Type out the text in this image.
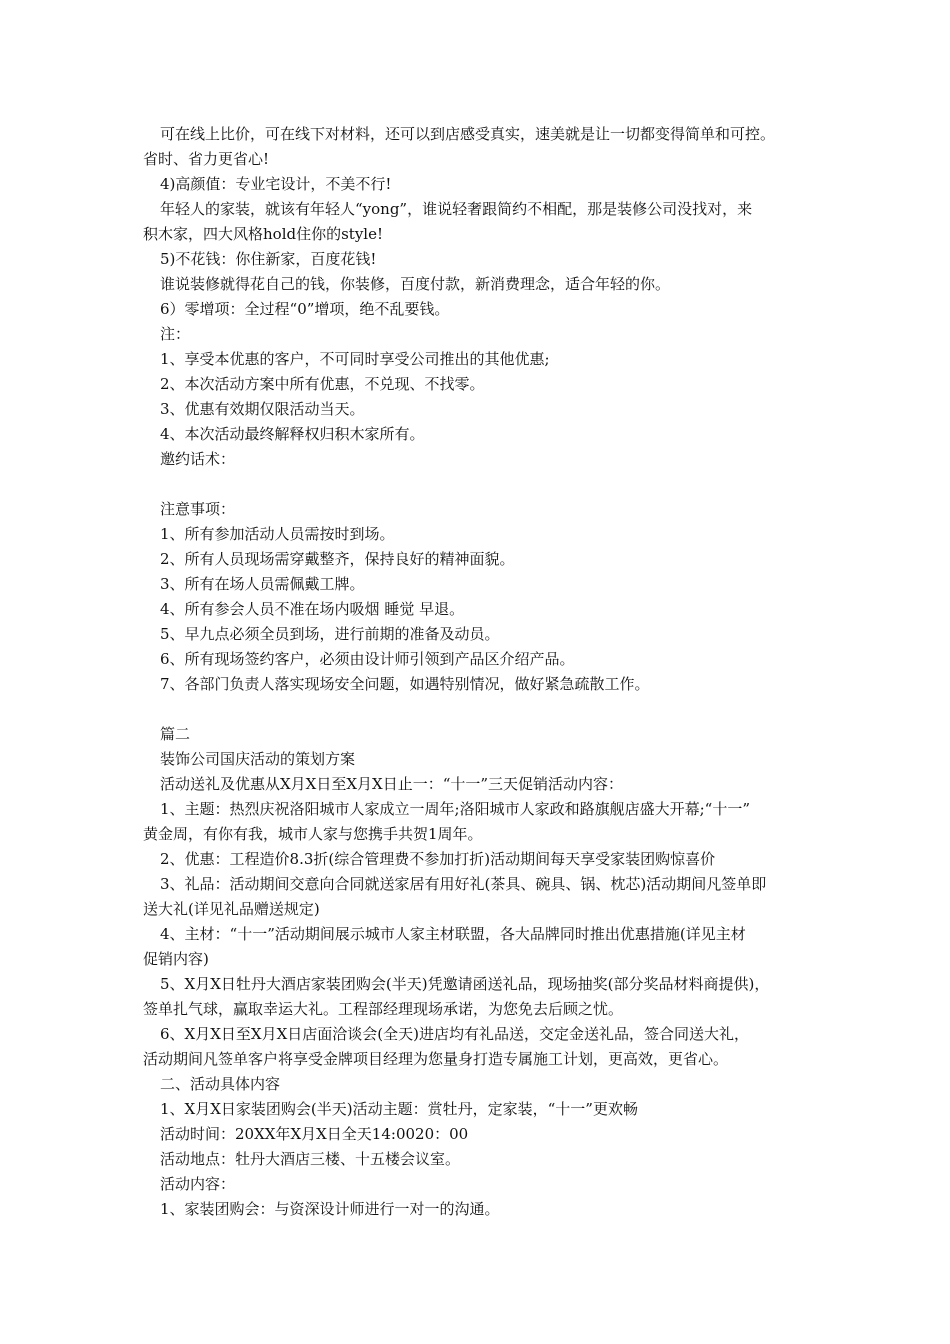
可在线上比价，可在线下对材料，还可以到店感受真实，速美就是让一切都变得简单和可控。
省时、省力更省心!
4)高颜值：专业宅设计，不美不行!
年轻人的家装，就该有年轻人“yong”，谁说轻奢跟简约不相配，那是装修公司没找对，来
积木家，四大风格hold住你的style!
5)不花钱：你住新家，百度花钱!
谁说装修就得花自己的钱，你装修，百度付款，新消费理念，适合年轻的你。
6）零增项：全过程“0”增项，绝不乱要钱。
注：
1、享受本优惠的客户，不可同时享受公司推出的其他优惠;
2、本次活动方案中所有优惠，不兑现、不找零。
3、优惠有效期仅限活动当天。
4、本次活动最终解释权归积木家所有。
邀约话术：
注意事项：
1、所有参加活动人员需按时到场。
2、所有人员现场需穿戴整齐，保持良好的精神面貌。
3、所有在场人员需佩戴工牌。
4、所有参会人员不准在场内吸烟 睡觉 早退。
5、早九点必须全员到场，进行前期的准备及动员。
6、所有现场签约客户，必须由设计师引领到产品区介绍产品。
7、各部门负责人落实现场安全问题，如遇特别情况，做好紧急疏散工作。
篇二
装饰公司国庆活动的策划方案
活动送礼及优惠从X月X日至X月X日止一：“十一”三天促销活动内容：
1、主题：热烈庆祝洛阳城市人家成立一周年;洛阳城市人家政和路旗舰店盛大开幕;“十一”
黄金周，有你有我，城市人家与您携手共贺1周年。
2、优惠：工程造价8.3折(综合管理费不参加打折)活动期间每天享受家装团购惊喜价
3、礼品：活动期间交意向合同就送家居有用好礼(茶具、碗具、锅、枕芯)活动期间凡签单即
送大礼(详见礼品赠送规定)
4、主材：“十一”活动期间展示城市人家主材联盟，各大品牌同时推出优惠措施(详见主材
促销内容)
5、X月X日牡丹大酒店家装团购会(半天)凭邀请函送礼品，现场抽奖(部分奖品材料商提供)，
签单扎气球，赢取幸运大礼。工程部经理现场承诺，为您免去后顾之忧。
6、X月X日至X月X日店面洽谈会(全天)进店均有礼品送，交定金送礼品，签合同送大礼，
活动期间凡签单客户将享受金牌项目经理为您量身打造专属施工计划，更高效，更省心。
二、活动具体内容
1、X月X日家装团购会(半天)活动主题：赏牡丹，定家装，“十一”更欢畅
活动时间：20XX年X月X日全天14:0020：00
活动地点：牡丹大酒店三楼、十五楼会议室。
活动内容：
1、家装团购会：与资深设计师进行一对一的沟通。
